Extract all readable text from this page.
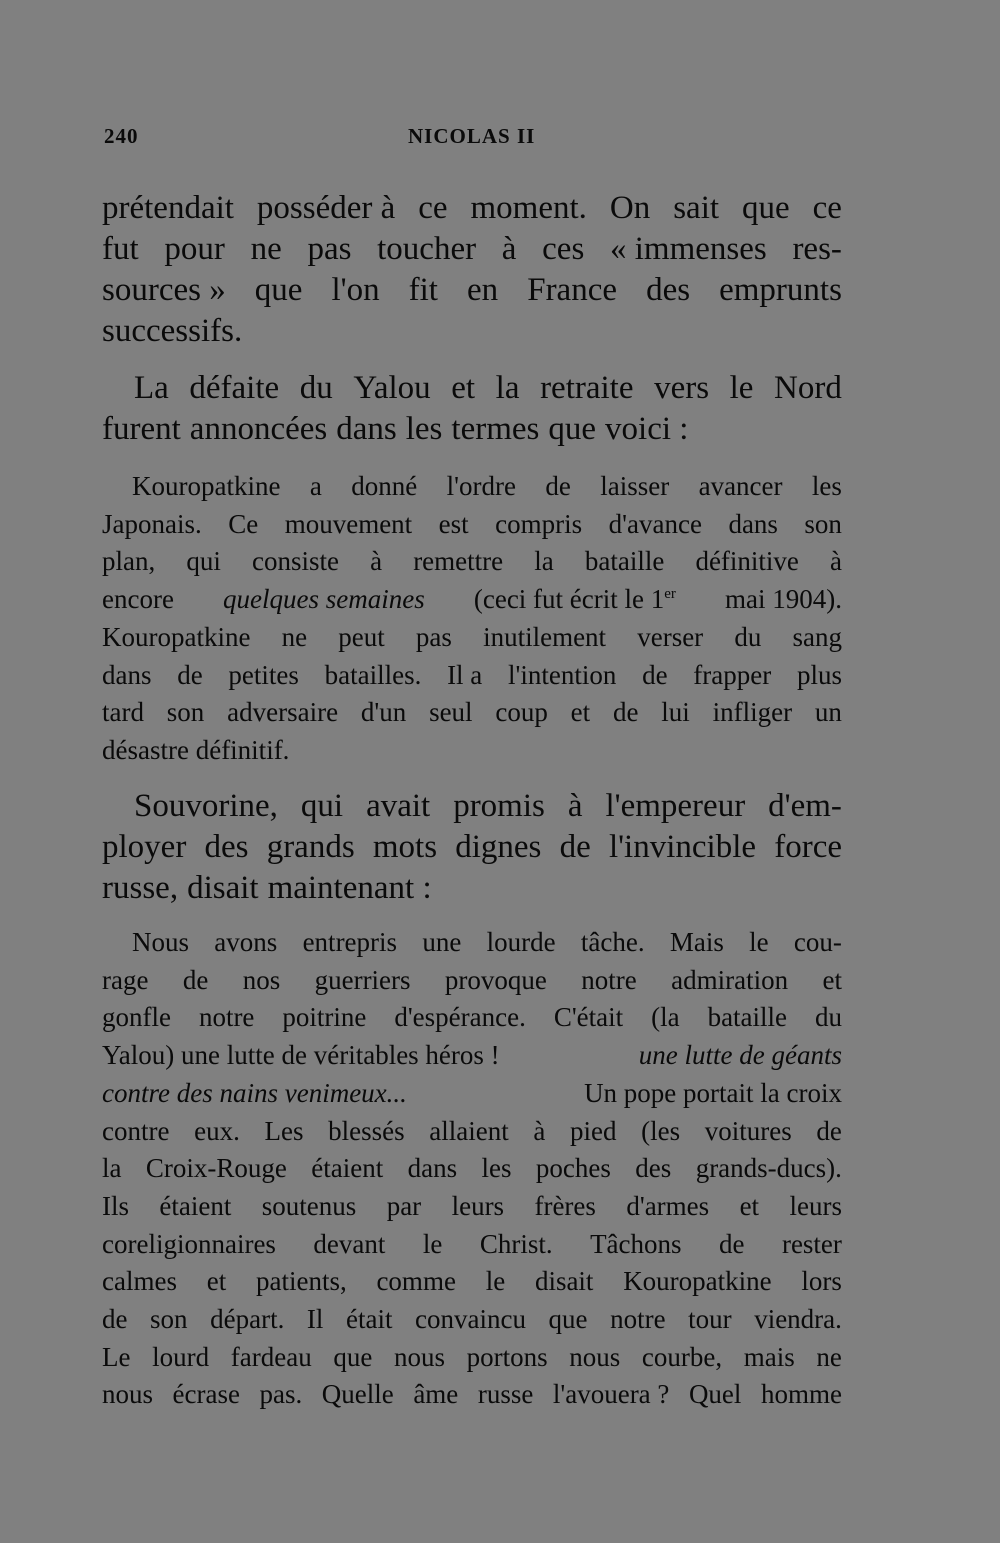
240	NICOLAS II
prétendait posséder à ce moment. On sait que ce
fut pour ne pas toucher à ces « immenses res-
sources » que l'on fit en France des emprunts
successifs.
La défaite du Yalou et la retraite vers le Nord
furent annoncées dans les termes que voici :
Kouropatkine a donné l'ordre de laisser avancer les
Japonais. Ce mouvement est compris d'avance dans son
plan, qui consiste à remettre la bataille définitive à
encore quelques semaines (ceci fut écrit le 1er mai 1904).
Kouropatkine ne peut pas inutilement verser du sang
dans de petites batailles. Il a l'intention de frapper plus
tard son adversaire d'un seul coup et de lui infliger un
désastre définitif.
Souvorine, qui avait promis à l'empereur d'em-
ployer des grands mots dignes de l'invincible force
russe, disait maintenant :
Nous avons entrepris une lourde tâche. Mais le cou-
rage de nos guerriers provoque notre admiration et
gonfle notre poitrine d'espérance. C'était (la bataille du
Yalou) une lutte de véritables héros !	une lutte de géants
contre des nains venimeux...	Un pope portait la croix
contre eux. Les blessés allaient à pied (les voitures de
la Croix-Rouge étaient dans les poches des grands-ducs).
Ils étaient soutenus par leurs frères d'armes et leurs
coreligionnaires devant le Christ. Tâchons de rester
calmes et patients, comme le disait Kouropatkine lors
de son départ. Il était convaincu que notre tour viendra.
Le lourd fardeau que nous portons nous courbe, mais ne
nous écrase pas. Quelle âme russe l'avouera ? Quel homme
